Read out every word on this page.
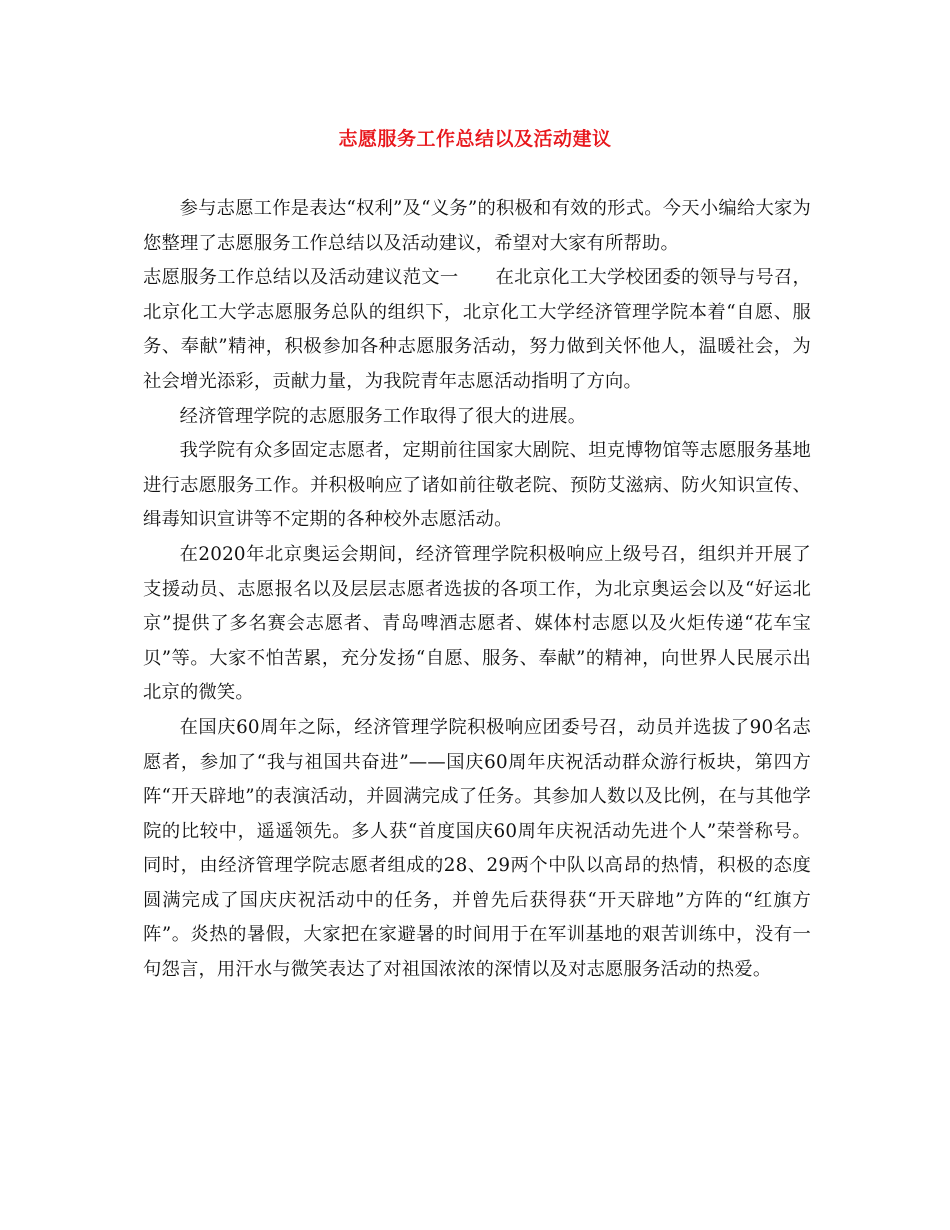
志愿服务工作总结以及活动建议

参与志愿工作是表达“权利”及“义务”的积极和有效的形式。今天小编给大家为您整理了志愿服务工作总结以及活动建议，希望对大家有所帮助。

志愿服务工作总结以及活动建议范文一　　在北京化工大学校团委的领导与号召，北京化工大学志愿服务总队的组织下，北京化工大学经济管理学院本着“自愿、服务、奉献”精神，积极参加各种志愿服务活动，努力做到关怀他人，温暖社会，为社会增光添彩，贡献力量，为我院青年志愿活动指明了方向。

经济管理学院的志愿服务工作取得了很大的进展。

我学院有众多固定志愿者，定期前往国家大剧院、坦克博物馆等志愿服务基地进行志愿服务工作。并积极响应了诸如前往敬老院、预防艾滋病、防火知识宣传、缉毒知识宣讲等不定期的各种校外志愿活动。

在2020年北京奥运会期间，经济管理学院积极响应上级号召，组织并开展了支援动员、志愿报名以及层层志愿者选拔的各项工作，为北京奥运会以及“好运北京”提供了多名赛会志愿者、青岛啤酒志愿者、媒体村志愿以及火炬传递“花车宝贝”等。大家不怕苦累，充分发扬“自愿、服务、奉献”的精神，向世界人民展示出北京的微笑。

在国庆60周年之际，经济管理学院积极响应团委号召，动员并选拔了90名志愿者，参加了“我与祖国共奋进”——国庆60周年庆祝活动群众游行板块，第四方阵“开天辟地”的表演活动，并圆满完成了任务。其参加人数以及比例，在与其他学院的比较中，遥遥领先。多人获“首度国庆60周年庆祝活动先进个人”荣誉称号。同时，由经济管理学院志愿者组成的28、29两个中队以高昂的热情，积极的态度圆满完成了国庆庆祝活动中的任务，并曾先后获得获“开天辟地”方阵的“红旗方阵”。炎热的暑假，大家把在家避暑的时间用于在军训基地的艰苦训练中，没有一句怨言，用汗水与微笑表达了对祖国浓浓的深情以及对志愿服务活动的热爱。
